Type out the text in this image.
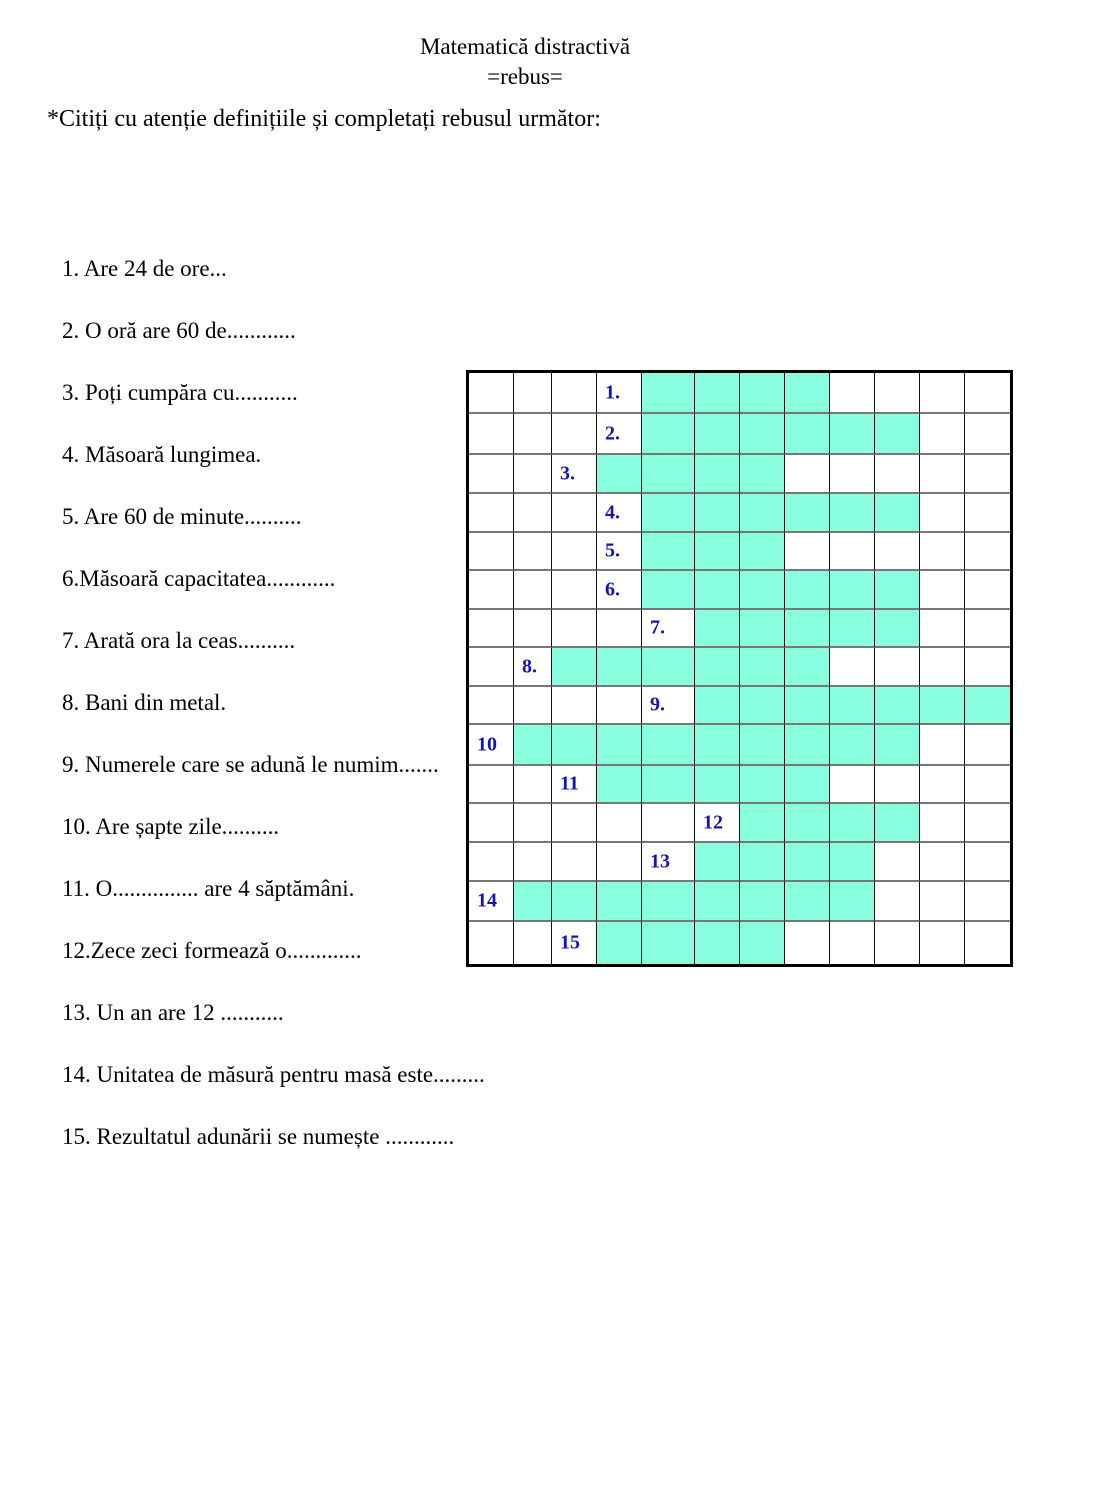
Matematică distractivă
=rebus=
*Citiți cu atenție definițiile și completați rebusul următor:
1. Are 24 de ore...
2. O oră are 60 de............
3. Poți cumpăra cu...........
4. Măsoară lungimea.
5. Are 60 de minute..........
6.Măsoară capacitatea............
7. Arată ora la ceas..........
8. Bani din metal.
9. Numerele care se adună le numim.......
10. Are șapte zile..........
11. O............... are 4 săptămâni.
12.Zece zeci formează o.............
13. Un an are 12 ...........
14. Unitatea de măsură pentru masă este.........
15. Rezultatul adunării se numește ............
1.
2.
3.
4.
5.
6.
7.
8.
9.
10
11
12
13
14
15
